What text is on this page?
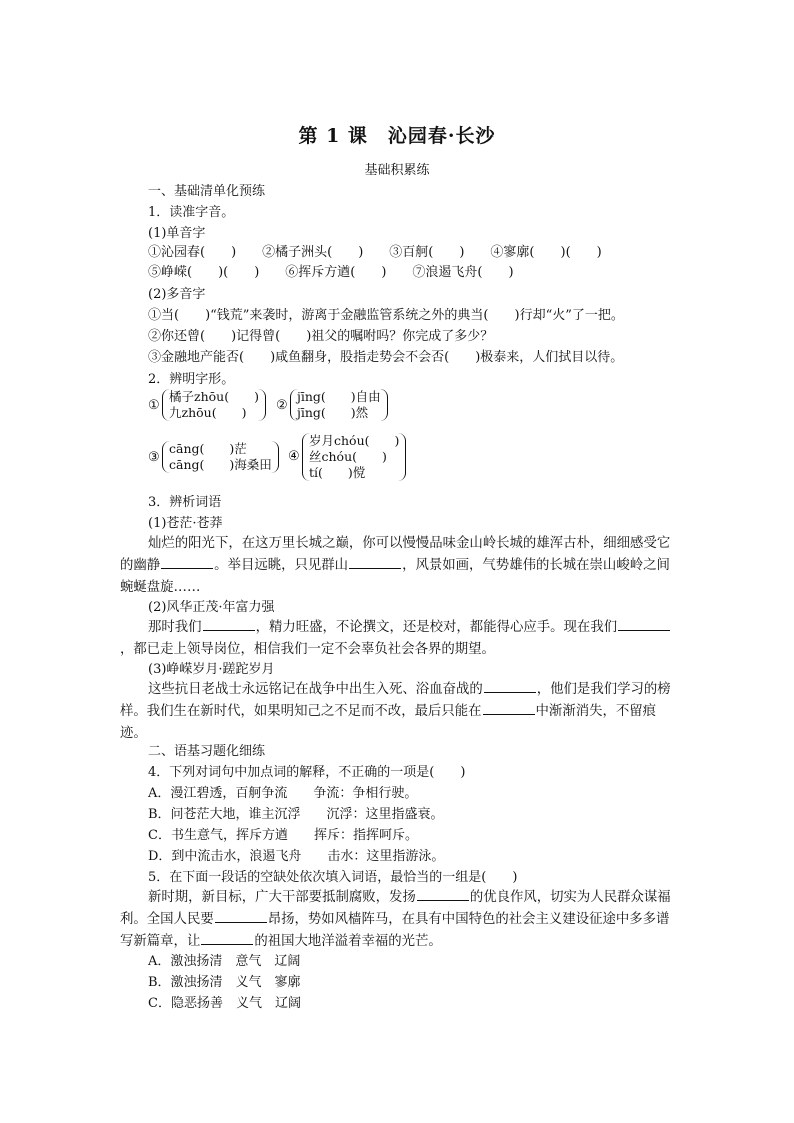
第 1 课　沁园春·长沙
基础积累练
一、基础清单化预练
1．读准字音。
(1)单音字
①沁园春(　　)　　②橘子洲头(　　)　　③百舸(　　)　　④寥廓(　　)(　　)
⑤峥嵘(　　)(　　)　　⑥挥斥方遒(　　)　　⑦浪遏飞舟(　　)
(2)多音字
①当(　　)“钱荒”来袭时，游离于金融监管系统之外的典当(　　)行却“火”了一把。
②你还曾(　　)记得曾(　　)祖父的嘱咐吗？你完成了多少？
③金融地产能否(　　)咸鱼翻身，股指走势会不会否(　　)极泰来，人们拭目以待。
2．辨明字形。
①
橘子zhōu(　　)
九zhōu(　　)	②
jīng(　　)自由
jīng(　　)然
③
cāng(　　)茫
cāng(　　)海桑田
④
岁月chóu(　　)
丝chóu(　　)
tí(　　)傥
3．辨析词语
(1)苍茫·苍莽
灿烂的阳光下，在这万里长城之巅，你可以慢慢品味金山岭长城的雄浑古朴，细细感受它的幽静	。举目远眺，只见群山	，风景如画，气势雄伟的长城在崇山峻岭之间蜿蜒盘旋……
(2)风华正茂·年富力强
那时我们	，精力旺盛，不论撰文，还是校对，都能得心应手。现在我们，都已走上领导岗位，相信我们一定不会辜负社会各界的期望。
(3)峥嵘岁月·蹉跎岁月
这些抗日老战士永远铭记在战争中出生入死、浴血奋战的	，他们是我们学习的榜样。我们生在新时代，如果明知己之不足而不改，最后只能在	中渐渐消失，不留痕迹。
二、语基习题化细练
4．下列对词句中加点词的解释，不正确的一项是(　　)
A．漫江碧透，百舸争流　　争流：争相行驶。
B．问苍茫大地，谁主沉浮　　沉浮：这里指盛衰。
C．书生意气，挥斥方遒　　挥斥：指挥呵斥。
D．到中流击水，浪遏飞舟　　击水：这里指游泳。
5．在下面一段话的空缺处依次填入词语，最恰当的一组是(　　)
新时期，新目标，广大干部要抵制腐败，发扬	的优良作风，切实为人民群众谋福利。全国人民要	昂扬，势如风樯阵马，在具有中国特色的社会主义建设征途中多多谱写新篇章，让	的祖国大地洋溢着幸福的光芒。
A．激浊扬清　意气　辽阔
B．激浊扬清　义气　寥廓
C．隐恶扬善　义气　辽阔
